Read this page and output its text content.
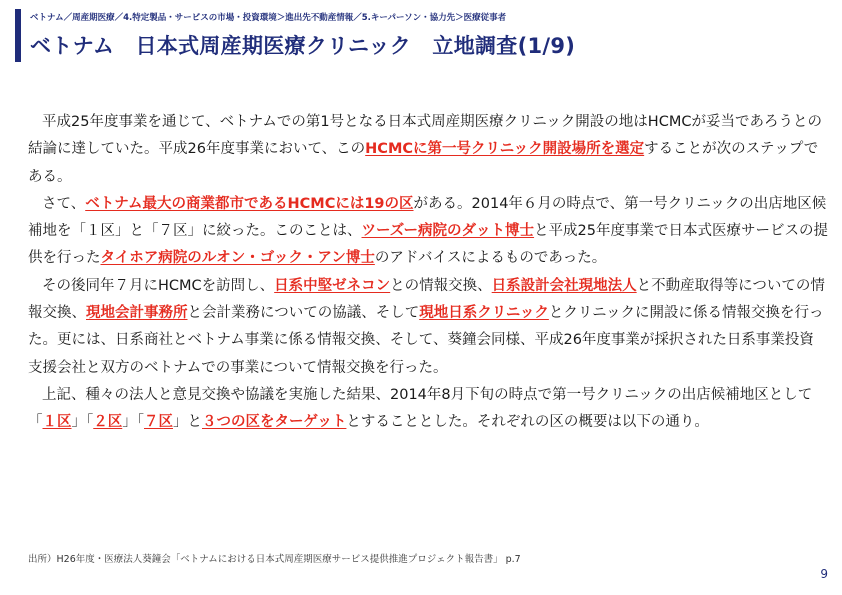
ベトナム／周産期医療／4.特定製品・サービスの市場・投資環境＞進出先不動産情報／5.キーパーソン・協力先＞医療従事者
ベトナム　日本式周産期医療クリニック　立地調査(1/9)

平成25年度事業を通じて、ベトナムでの第1号となる日本式周産期医療クリニック開設の地はHCMCが妥当であろうとの結論に達していた。平成26年度事業において、このHCMCに第一号クリニック開設場所を選定することが次のステップである。

さて、ベトナム最大の商業都市であるHCMCには19の区がある。2014年６月の時点で、第一号クリニックの出店地区候補地を「１区」と「７区」に絞った。このことは、ツーズー病院のダット博士と平成25年度事業で日本式医療サービスの提供を行ったタイホア病院のルオン・ゴック・アン博士のアドバイスによるものであった。

その後同年７月にHCMCを訪問し、日系中堅ゼネコンとの情報交換、日系設計会社現地法人と不動産取得等についての情報交換、現地会計事務所と会計業務についての協議、そして現地日系クリニックとクリニックに開設に係る情報交換を行った。更には、日系商社とベトナム事業に係る情報交換、そして、葵鐘会同様、平成26年度事業が採択された日系事業投資支援会社と双方のベトナムでの事業について情報交換を行った。

上記、種々の法人と意見交換や協議を実施した結果、2014年8月下旬の時点で第一号クリニックの出店候補地区として「１区」「２区」「７区」と３つの区をターゲットとすることとした。それぞれの区の概要は以下の通り。

出所）H26年度・医療法人葵鐘会「ベトナムにおける日本式周産期医療サービス提供推進プロジェクト報告書」 p.7
9
